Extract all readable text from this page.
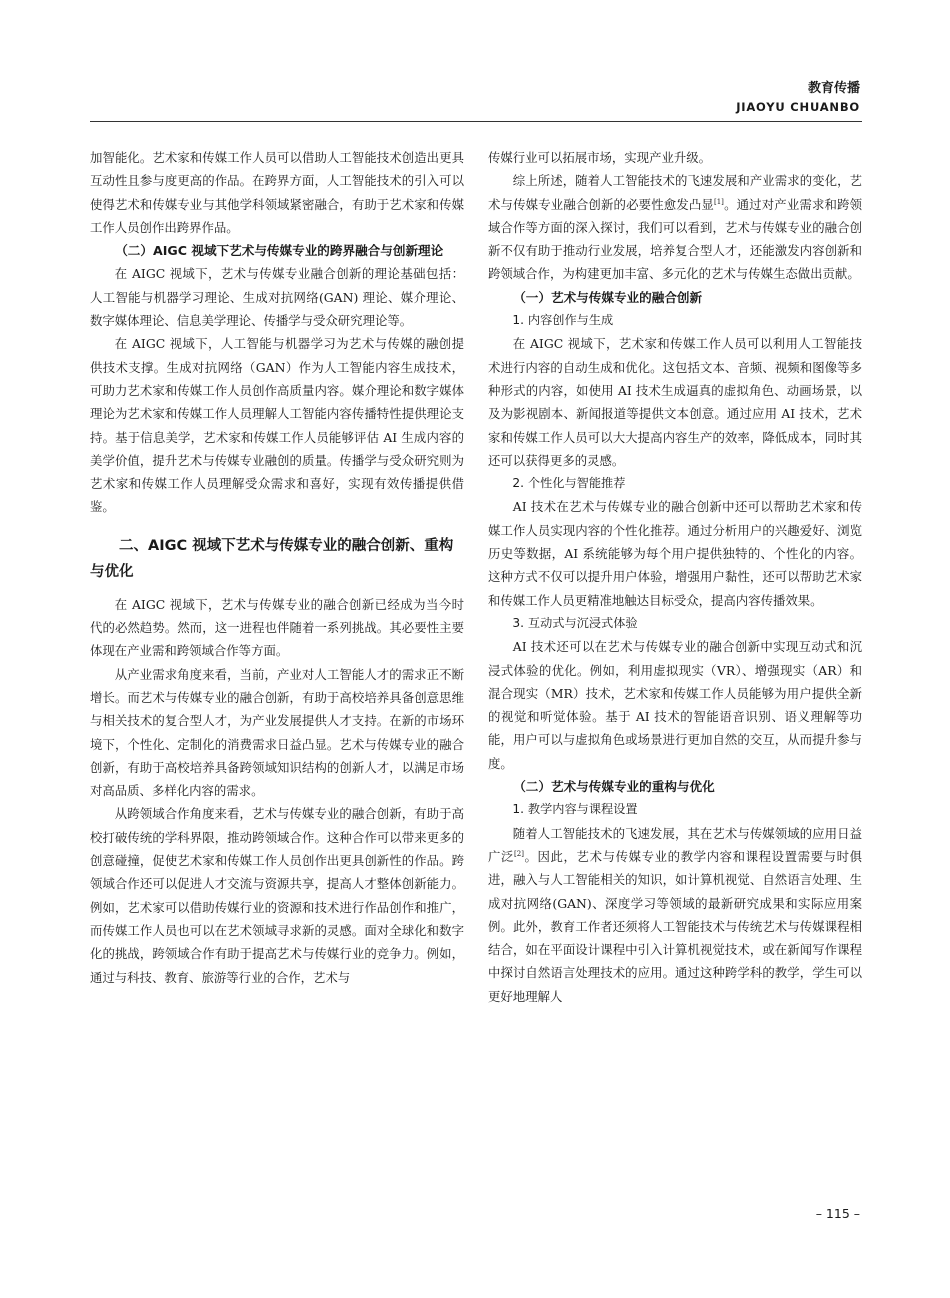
教育传播
JIAOYU CHUANBO

加智能化。艺术家和传媒工作人员可以借助人工智能技术创造出更具互动性且参与度更高的作品。在跨界方面，人工智能技术的引入可以使得艺术和传媒专业与其他学科领域紧密融合，有助于艺术家和传媒工作人员创作出跨界作品。

（二）AIGC 视域下艺术与传媒专业的跨界融合与创新理论

在 AIGC 视域下，艺术与传媒专业融合创新的理论基础包括：人工智能与机器学习理论、生成对抗网络(GAN) 理论、媒介理论、数字媒体理论、信息美学理论、传播学与受众研究理论等。

在 AIGC 视域下，人工智能与机器学习为艺术与传媒的融创提供技术支撑。生成对抗网络（GAN）作为人工智能内容生成技术，可助力艺术家和传媒工作人员创作高质量内容。媒介理论和数字媒体理论为艺术家和传媒工作人员理解人工智能内容传播特性提供理论支持。基于信息美学，艺术家和传媒工作人员能够评估 AI 生成内容的美学价值，提升艺术与传媒专业融创的质量。传播学与受众研究则为艺术家和传媒工作人员理解受众需求和喜好，实现有效传播提供借鉴。

二、AIGC 视域下艺术与传媒专业的融合创新、重构与优化

在 AIGC 视域下，艺术与传媒专业的融合创新已经成为当今时代的必然趋势。然而，这一进程也伴随着一系列挑战。其必要性主要体现在产业需和跨领域合作等方面。

从产业需求角度来看，当前，产业对人工智能人才的需求正不断增长。而艺术与传媒专业的融合创新，有助于高校培养具备创意思维与相关技术的复合型人才，为产业发展提供人才支持。在新的市场环境下，个性化、定制化的消费需求日益凸显。艺术与传媒专业的融合创新，有助于高校培养具备跨领域知识结构的创新人才，以满足市场对高品质、多样化内容的需求。

从跨领域合作角度来看，艺术与传媒专业的融合创新，有助于高校打破传统的学科界限，推动跨领域合作。这种合作可以带来更多的创意碰撞，促使艺术家和传媒工作人员创作出更具创新性的作品。跨领域合作还可以促进人才交流与资源共享，提高人才整体创新能力。例如，艺术家可以借助传媒行业的资源和技术进行作品创作和推广，而传媒工作人员也可以在艺术领域寻求新的灵感。面对全球化和数字化的挑战，跨领域合作有助于提高艺术与传媒行业的竞争力。例如，通过与科技、教育、旅游等行业的合作，艺术与

传媒行业可以拓展市场，实现产业升级。

综上所述，随着人工智能技术的飞速发展和产业需求的变化，艺术与传媒专业融合创新的必要性愈发凸显[1]。通过对产业需求和跨领域合作等方面的深入探讨，我们可以看到，艺术与传媒专业的融合创新不仅有助于推动行业发展，培养复合型人才，还能激发内容创新和跨领域合作，为构建更加丰富、多元化的艺术与传媒生态做出贡献。

（一）艺术与传媒专业的融合创新
1. 内容创作与生成

在 AIGC 视域下，艺术家和传媒工作人员可以利用人工智能技术进行内容的自动生成和优化。这包括文本、音频、视频和图像等多种形式的内容，如使用 AI 技术生成逼真的虚拟角色、动画场景，以及为影视剧本、新闻报道等提供文本创意。通过应用 AI 技术，艺术家和传媒工作人员可以大大提高内容生产的效率，降低成本，同时其还可以获得更多的灵感。

2. 个性化与智能推荐

AI 技术在艺术与传媒专业的融合创新中还可以帮助艺术家和传媒工作人员实现内容的个性化推荐。通过分析用户的兴趣爱好、浏览历史等数据，AI 系统能够为每个用户提供独特的、个性化的内容。这种方式不仅可以提升用户体验，增强用户黏性，还可以帮助艺术家和传媒工作人员更精准地触达目标受众，提高内容传播效果。

3. 互动式与沉浸式体验

AI 技术还可以在艺术与传媒专业的融合创新中实现互动式和沉浸式体验的优化。例如，利用虚拟现实（VR）、增强现实（AR）和混合现实（MR）技术，艺术家和传媒工作人员能够为用户提供全新的视觉和听觉体验。基于 AI 技术的智能语音识别、语义理解等功能，用户可以与虚拟角色或场景进行更加自然的交互，从而提升参与度。

（二）艺术与传媒专业的重构与优化
1. 教学内容与课程设置

随着人工智能技术的飞速发展，其在艺术与传媒领域的应用日益广泛[2]。因此，艺术与传媒专业的教学内容和课程设置需要与时俱进，融入与人工智能相关的知识，如计算机视觉、自然语言处理、生成对抗网络(GAN)、深度学习等领域的最新研究成果和实际应用案例。此外，教育工作者还须将人工智能技术与传统艺术与传媒课程相结合，如在平面设计课程中引入计算机视觉技术，或在新闻写作课程中探讨自然语言处理技术的应用。通过这种跨学科的教学，学生可以更好地理解人

– 115 –
